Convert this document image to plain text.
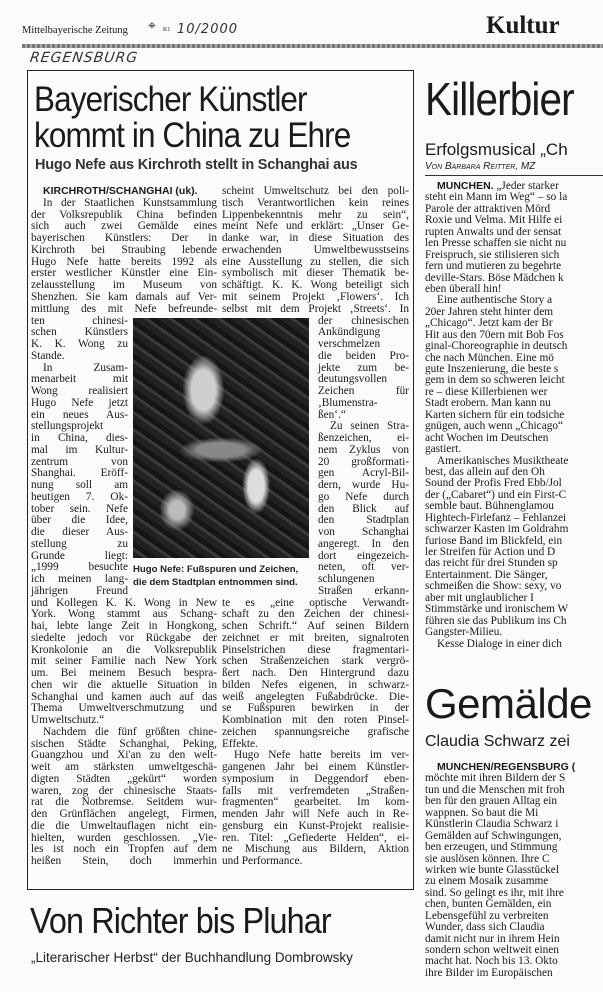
Mittelbayerische Zeitung ⌖ K1 10/2000	Kultur
REGENSBURG
Bayerischer Künstler
kommt in China zu Ehre
Hugo Nefe aus Kirchroth stellt in Schanghai aus
KIRCHROTH/SCHANGHAI (uk).
In der Staatlichen Kunstsammlung
der Volksrepublik China befinden
sich auch zwei Gemälde eines
bayerischen Künstlers: Der in
Kirchroth bei Straubing lebende
Hugo Nefe hatte bereits 1992 als
erster westlicher Künstler eine Ein-
zelausstellung im Museum von
Shenzhen. Sie kam damals auf Ver-
mittlung des mit Nefe befreunde-
ten chinesi-
schen Künstlers
K. K. Wong zu
Stande.
In Zusam-
menarbeit mit
Wong realisiert
Hugo Nefe jetzt
ein neues Aus-
stellungsprojekt
in China, dies-
mal im Kultur-
zentrum von
Shanghai. Eröff-
nung soll am
heutigen 7. Ok-
tober sein. Nefe
über die Idee,
die dieser Aus-
stellung zu
Grunde liegt:
„1999 besuchte
ich meinen lang-
jährigen Freund
und Kollegen K. K. Wong in New
York. Wong stammt aus Schang-
hai, lebte lange Zeit in Hongkong,
siedelte jedoch vor Rückgabe der
Kronkolonie an die Volksrepublik
mit seiner Familie nach New York
um. Bei meinem Besuch bespra-
chen wir die aktuelle Situation in
Schanghai und kamen auch auf das
Thema Umweltverschmutzung und
Umweltschutz.“
Nachdem die fünf größten chine-
sischen Städte Schanghai, Peking,
Guangzhou und Xi'an zu den welt-
weit am stärksten umweltgeschä-
digten Städten „gekürt“ worden
waren, zog der chinesische Staats-
rat die Notbremse. Seitdem wur-
den Grünflächen angelegt, Firmen,
die die Umweltauflagen nicht ein-
hielten, wurden geschlossen. „Vie-
les ist noch ein Tropfen auf dem
heißen Stein, doch immerhin
scheint Umweltschutz bei den poli-
tisch Verantwortlichen kein reines
Lippenbekenntnis mehr zu sein“,
meint Nefe und erklärt: „Unser Ge-
danke war, in diese Situation des
erwachenden Umweltbewusstseins
eine Ausstellung zu stellen, die sich
symbolisch mit dieser Thematik be-
schäftigt. K. K. Wong beteiligt sich
mit seinem Projekt ‚Flowers‘. Ich
selbst mit dem Projekt ‚Streets‘. In
der chinesischen
Ankündigung
verschmelzen
die beiden Pro-
jekte zum be-
deutungsvollen
Zeichen für
‚Blumenstra-
ßen‘.“
Zu seinen Stra-
ßenzeichen, ei-
nem Zyklus von
20 großformati-
gen Acryl-Bil-
dern, wurde Hu-
go Nefe durch
den Blick auf
den Stadtplan
von Schanghai
angeregt. In den
dort eingezeich-
neten, oft ver-
schlungenen
Straßen erkann-
te es „eine optische Verwandt-
schaft zu den Zeichen der chinesi-
schen Schrift.“ Auf seinen Bildern
zeichnet er mit breiten, signalroten
Pinselstrichen diese fragmentari-
schen Straßenzeichen stark vergrö-
ßert nach. Den Hintergrund dazu
bilden Nefes eigenen, in schwarz-
weiß angelegten Fußabdrücke. Die-
se Fußspuren bewirken in der
Kombination mit den roten Pinsel-
zeichen spannungsreiche grafische
Effekte.
Hugo Nefe hatte bereits im ver-
gangenen Jahr bei einem Künstler-
symposium in Deggendorf eben-
falls mit verfremdeten „Straßen-
fragmenten“ gearbeitet. Im kom-
menden Jahr will Nefe auch in Re-
gensburg ein Kunst-Projekt realisie-
ren. Titel: „Gefiederte Helden“, ei-
ne Mischung aus Bildern, Aktion
und Performance.
Hugo Nefe: Fußspuren und Zeichen,
die dem Stadtplan entnommen sind.
Killerbier
Erfolgsmusical „Ch
Von Barbara Reitter, MZ
MÜNCHEN. „Jeder starker
steht ein Mann im Weg“ – so la
Parole der attraktiven Mörd
Roxie und Velma. Mit Hilfe ei
rupten Anwalts und der sensat
len Presse schaffen sie nicht nu
Freispruch, sie stilisieren sich
fern und mutieren zu begehrte
deville-Stars. Böse Mädchen k
eben überall hin!
Eine authentische Story a
20er Jahren steht hinter dem
„Chicago“. Jetzt kam der Br
Hit aus den 70ern mit Bob Fos
ginal-Choreographie in deutsch
che nach München. Eine mö
gute Inszenierung, die beste s
gem in dem so schweren leicht
re – diese Killerbienen wer
Stadt erobern. Man kann nu
Karten sichern für ein todsiche
gnügen, auch wenn „Chicago“
acht Wochen im Deutschen
gastiert.
Amerikanisches Musiktheate
best, das allein auf den Oh
Sound der Profis Fred Ebb/Jol
der („Cabaret“) und ein First-C
semble baut. Bühnenglamou
Hightech-Firlefanz – Fehlanzei
schwarzer Kasten im Goldrahm
furiose Band im Blickfeld, ein
ler Streifen für Action und D
das reicht für drei Stunden sp
Entertainment. Die Sänger,
schmeißen die Show: sexy, vo
aber mit unglaublicher I
Stimmstärke und ironischem W
führen sie das Publikum ins Ch
Gangster-Milieu.
Kesse Dialoge in einer dich
Gemälde
Claudia Schwarz zei
MÜNCHEN/REGENSBURG (
möchte mit ihren Bildern der S
tun und die Menschen mit froh
ben für den grauen Alltag ein
wappnen. So baut die Mi
Künstlerin Claudia Schwarz i
Gemälden auf Schwingungen,
ben erzeugen, und Stimmung
sie auslösen können. Ihre C
wirken wie bunte Glasstückel
zu einem Mosaik zusamme
sind. So gelingt es ihr, mit ihre
chen, bunten Gemälden, ein
Lebensgefühl zu verbreiten
Wunder, dass sich Claudia
damit nicht nur in ihrem Hein
sondern schon weltweit einen
macht hat. Noch bis 13. Okto
ihre Bilder im Europäischen
Von Richter bis Pluhar
„Literarischer Herbst“ der Buchhandlung Dombrowsky
